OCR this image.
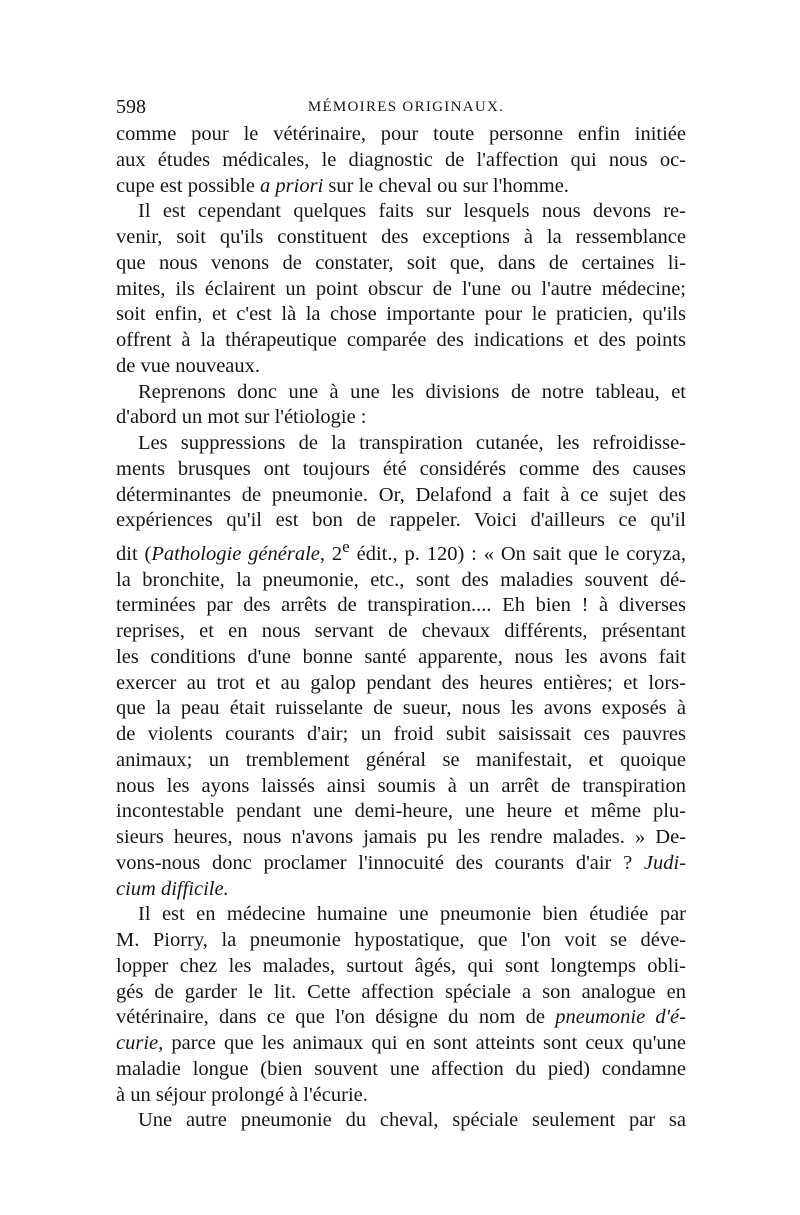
598	MÉMOIRES ORIGINAUX.

comme pour le vétérinaire, pour toute personne enfin initiée
aux études médicales, le diagnostic de l'affection qui nous oc-
cupe est possible a priori sur le cheval ou sur l'homme.

Il est cependant quelques faits sur lesquels nous devons re-
venir, soit qu'ils constituent des exceptions à la ressemblance
que nous venons de constater, soit que, dans de certaines li-
mites, ils éclairent un point obscur de l'une ou l'autre médecine;
soit enfin, et c'est là la chose importante pour le praticien, qu'ils
offrent à la thérapeutique comparée des indications et des points
de vue nouveaux.

Reprenons donc une à une les divisions de notre tableau, et
d'abord un mot sur l'étiologie :

Les suppressions de la transpiration cutanée, les refroidisse-
ments brusques ont toujours été considérés comme des causes
déterminantes de pneumonie. Or, Delafond a fait à ce sujet des
expériences qu'il est bon de rappeler. Voici d'ailleurs ce qu'il
dit (Pathologie générale, 2e édit., p. 120) : « On sait que le coryza,
la bronchite, la pneumonie, etc., sont des maladies souvent dé-
terminées par des arrêts de transpiration.... Eh bien ! à diverses
reprises, et en nous servant de chevaux différents, présentant
les conditions d'une bonne santé apparente, nous les avons fait
exercer au trot et au galop pendant des heures entières; et lors-
que la peau était ruisselante de sueur, nous les avons exposés à
de violents courants d'air; un froid subit saisissait ces pauvres
animaux; un tremblement général se manifestait, et quoique
nous les ayons laissés ainsi soumis à un arrêt de transpiration
incontestable pendant une demi-heure, une heure et même plu-
sieurs heures, nous n'avons jamais pu les rendre malades. » De-
vons-nous donc proclamer l'innocuité des courants d'air ? Judi-
cium difficile.

Il est en médecine humaine une pneumonie bien étudiée par
M. Piorry, la pneumonie hypostatique, que l'on voit se déve-
lopper chez les malades, surtout âgés, qui sont longtemps obli-
gés de garder le lit. Cette affection spéciale a son analogue en
vétérinaire, dans ce que l'on désigne du nom de pneumonie d'é-
curie, parce que les animaux qui en sont atteints sont ceux qu'une
maladie longue (bien souvent une affection du pied) condamne
à un séjour prolongé à l'écurie.

Une autre pneumonie du cheval, spéciale seulement par sa
